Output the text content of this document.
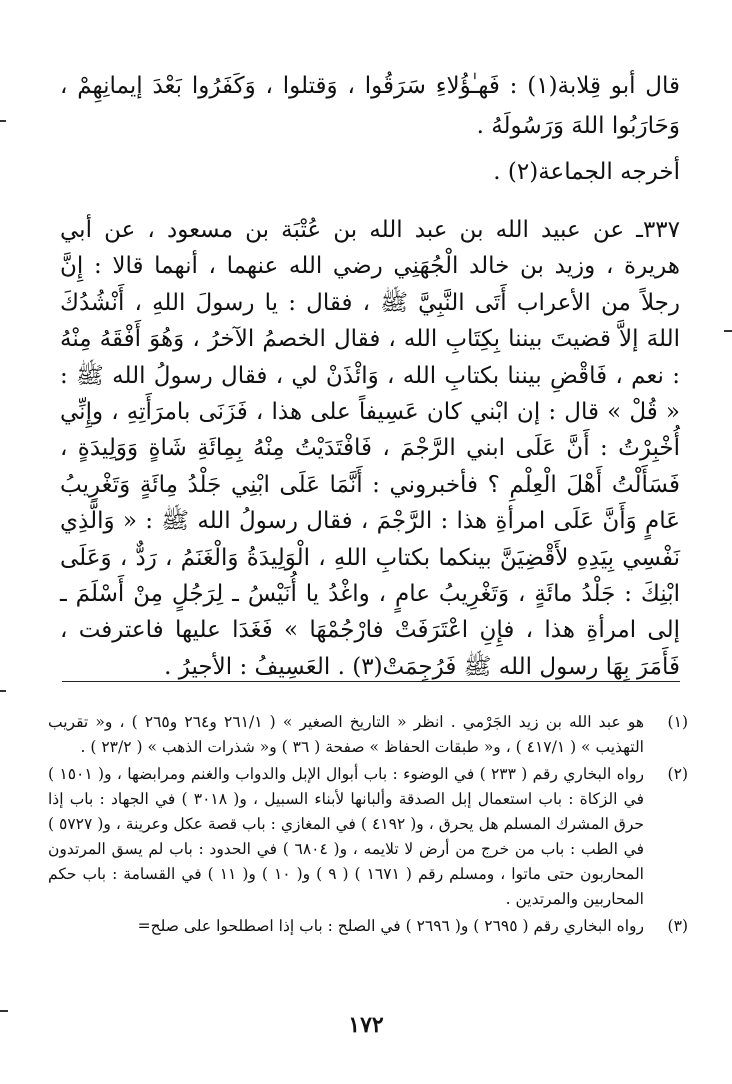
قال أبو قِلابة(١) : فَهـٰؤُلاءِ سَرَقُوا ، وَقتلوا ، وَكَفَرُوا بَعْدَ إيمانِهِمْ ، وَحَارَبُوا اللهَ وَرَسُولَهُ .

أخرجه الجماعة(٢) .

٣٣٧ـ عن عبيد الله بن عبد الله بن عُتْبَة بن مسعود ، عن أبي هريرة ، وزيد بن خالد الْجُهَنِي رضي الله عنهما ، أنهما قالا : إِنَّ رجلاً من الأعراب أَتَى النَّبِيَّ ﷺ ، فقال : يا رسولَ اللهِ ، أَنْشُدُكَ اللهَ إلاَّ قضيتَ بيننا بِكِتَابِ الله ، فقال الخصمُ الآخرُ ، وَهُوَ أَفْقَهُ مِنْهُ : نعم ، فَاقْضِ بيننا بكتابِ الله ، وَائْذَنْ لي ، فقال رسولُ الله ﷺ : « قُلْ » قال : إن ابْني كان عَسِيفاً على هذا ، فَزَنَى بامرَأَتِهِ ، وإِنِّي أُخْبِرْتُ : أَنَّ عَلَى ابني الرَّجْمَ ، فَافْتَدَيْتُ مِنْهُ بِمِائَةِ شَاةٍ وَوَلِيدَةٍ ، فَسَأَلْتُ أَهْلَ الْعِلْمِ ؟ فأخبروني : أَنَّمَا عَلَى ابْنِي جَلْدُ مِائَةٍ وَتَغْرِيبُ عَامٍ وَأَنَّ عَلَى امرأةِ هذا : الرَّجْمَ ، فقال رسولُ الله ﷺ : « وَالَّذِي نَفْسِي بِيَدِهِ لأَقْضِيَنَّ بينكما بكتابِ اللهِ ، الْوَلِيدَةُ وَالْغَنَمُ ، رَدٌّ ، وَعَلَى ابْنِكَ : جَلْدُ مائَةٍ ، وَتَغْرِيبُ عامٍ ، واغْدُ يا أُنَيْسُ ـ لِرَجُلٍ مِنْ أَسْلَمَ ـ إلى امرأةِ هذا ، فإِنِ اعْتَرَفَتْ فارْجُمْهَا » فَغَدَا عليها فاعترفت ، فَأَمَرَ بِهَا رسول الله ﷺ فَرُجِمَتْ(٣) . العَسِيفُ : الأجيرُ .

(١)
هو عبد الله بن زيد الجَرْمي . انظر « التاريخ الصغير » ( ٢٦١/١ و٢٦٤ و٢٦٥ ) ، و« تقريب التهذيب » ( ٤١٧/١ ) ، و« طبقات الحفاظ » صفحة ( ٣٦ ) و« شذرات الذهب » ( ٢٣/٢ ) .
(٢)
رواه البخاري رقم ( ٢٣٣ ) في الوضوء : باب أبوال الإبل والدواب والغنم ومرابضها ، و( ١٥٠١ ) في الزكاة : باب استعمال إبل الصدقة وألبانها لأبناء السبيل ، و( ٣٠١٨ ) في الجهاد : باب إذا حرق المشرك المسلم هل يحرق ، و( ٤١٩٢ ) في المغازي : باب قصة عكل وعرينة ، و( ٥٧٢٧ ) في الطب : باب من خرج من أرض لا تلايمه ، و( ٦٨٠٤ ) في الحدود : باب لم يسق المرتدون المحاربون حتى ماتوا ، ومسلم رقم ( ١٦٧١ ) ( ٩ ) و( ١٠ ) و( ١١ ) في القسامة : باب حكم المحاربين والمرتدين .
(٣)
رواه البخاري رقم ( ٢٦٩٥ ) و( ٢٦٩٦ ) في الصلح : باب إذا اصطلحوا على صلح=
١٧٢
